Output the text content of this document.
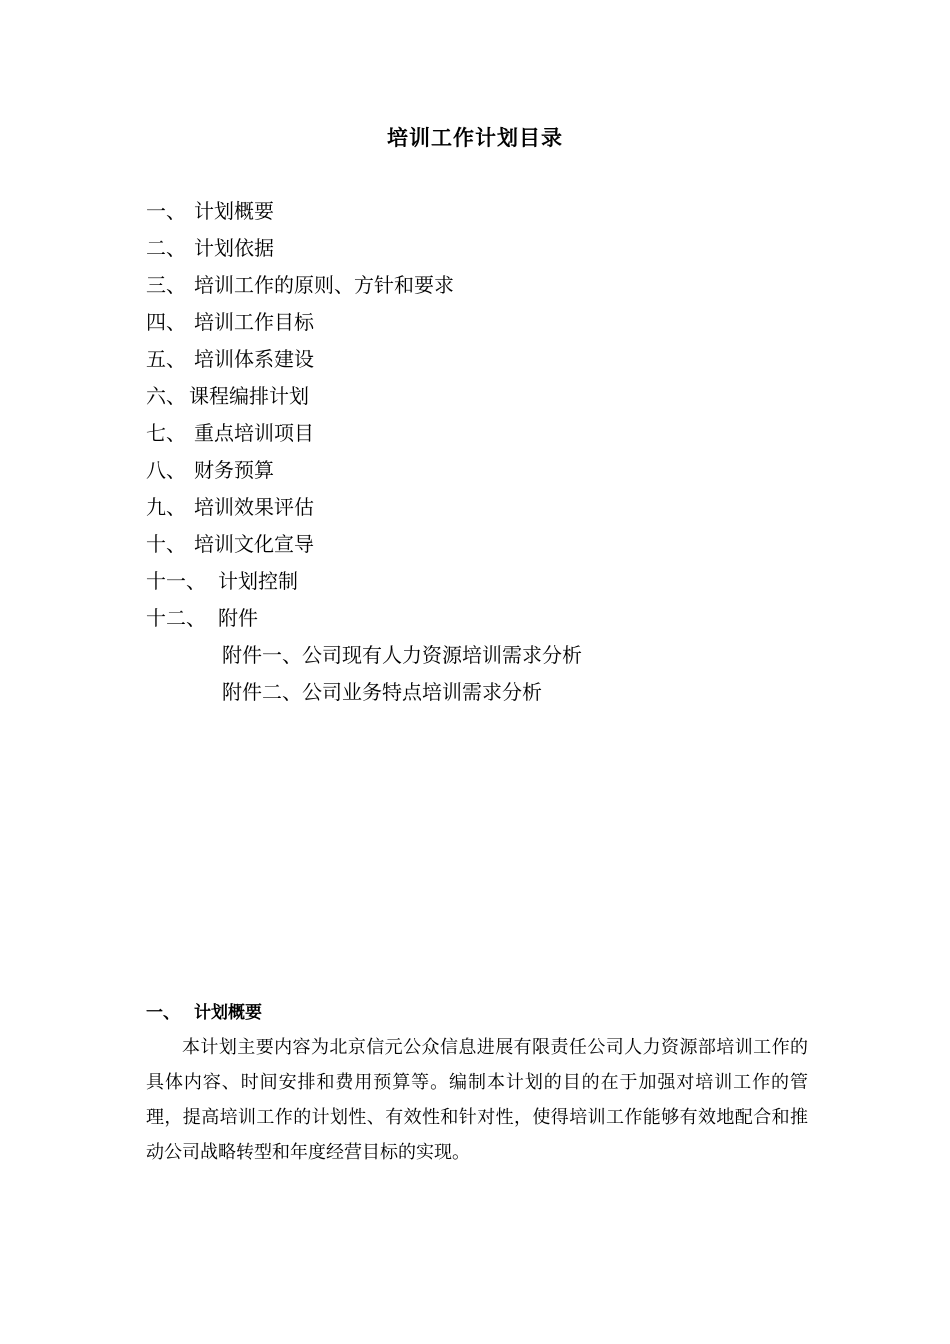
培训工作计划目录
一、 计划概要
二、 计划依据
三、 培训工作的原则、方针和要求
四、 培训工作目标
五、 培训体系建设
六、 课程编排计划
七、 重点培训项目
八、 财务预算
九、 培训效果评估
十、 培训文化宣导
十一、 计划控制
十二、 附件
附件一、公司现有人力资源培训需求分析
附件二、公司业务特点培训需求分析
一、 计划概要

本计划主要内容为北京信元公众信息进展有限责任公司人力资源部培训工作的具体内容、时间安排和费用预算等。编制本计划的目的在于加强对培训工作的管理，提高培训工作的计划性、有效性和针对性，使得培训工作能够有效地配合和推动公司战略转型和年度经营目标的实现。
